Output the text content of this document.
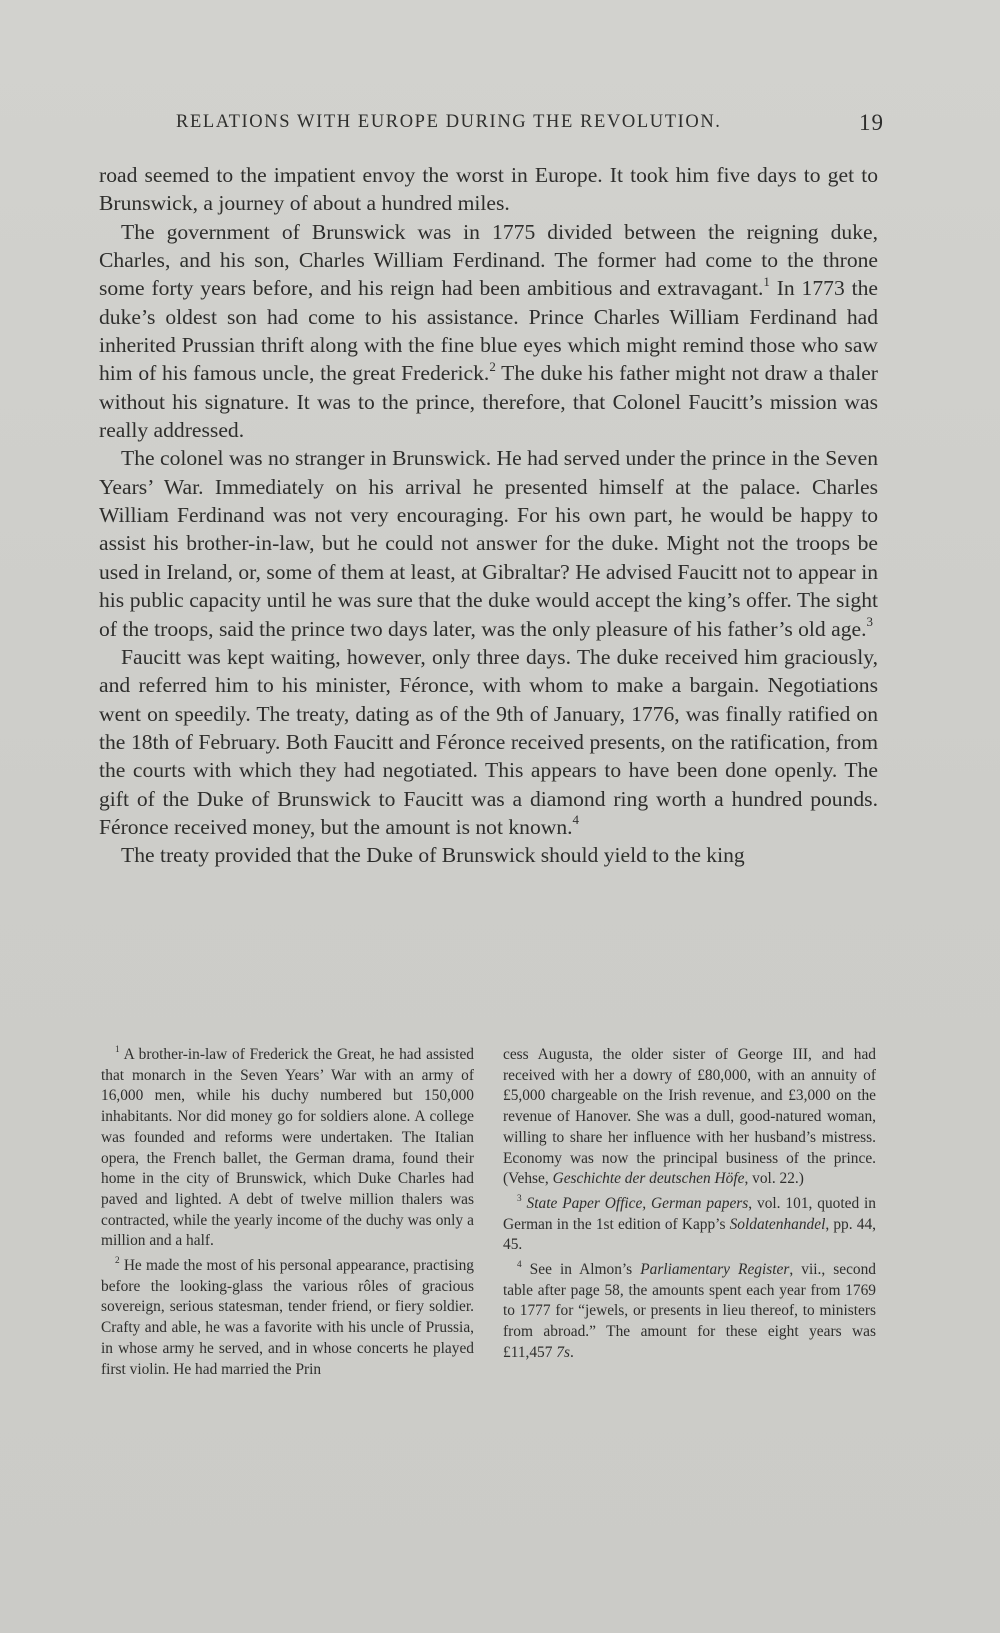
RELATIONS WITH EUROPE DURING THE REVOLUTION.	19

road seemed to the impatient envoy the worst in Europe. It took him five days to get to Brunswick, a journey of about a hundred miles.

The government of Brunswick was in 1775 divided between the reigning duke, Charles, and his son, Charles William Ferdinand. The former had come to the throne some forty years before, and his reign had been ambitious and extravagant.$^1$ In 1773 the duke’s oldest son had come to his assistance. Prince Charles William Ferdinand had inherited Prussian thrift along with the fine blue eyes which might remind those who saw him of his famous uncle, the great Frederick.$^2$ The duke his father might not draw a thaler without his signature. It was to the prince, therefore, that Colonel Faucitt’s mission was really addressed.

The colonel was no stranger in Brunswick. He had served under the prince in the Seven Years’ War. Immediately on his arrival he presented himself at the palace. Charles William Ferdinand was not very encouraging. For his own part, he would be happy to assist his brother-in-law, but he could not answer for the duke. Might not the troops be used in Ireland, or, some of them at least, at Gibraltar? He advised Faucitt not to appear in his public capacity until he was sure that the duke would accept the king’s offer. The sight of the troops, said the prince two days later, was the only pleasure of his father’s old age.$^3$

Faucitt was kept waiting, however, only three days. The duke received him graciously, and referred him to his minister, Féronce, with whom to make a bargain. Negotiations went on speedily. The treaty, dating as of the 9th of January, 1776, was finally ratified on the 18th of February. Both Faucitt and Féronce received presents, on the ratification, from the courts with which they had negotiated. This appears to have been done openly. The gift of the Duke of Brunswick to Faucitt was a diamond ring worth a hundred pounds. Féronce received money, but the amount is not known.$^4$

The treaty provided that the Duke of Brunswick should yield to the king

$^1$ A brother-in-law of Frederick the Great, he had assisted that monarch in the Seven Years’ War with an army of 16,000 men, while his duchy numbered but 150,000 inhabitants. Nor did money go for soldiers alone. A college was founded and reforms were undertaken. The Italian opera, the French ballet, the German drama, found their home in the city of Brunswick, which Duke Charles had paved and lighted. A debt of twelve million thalers was contracted, while the yearly income of the duchy was only a million and a half.

$^2$ He made the most of his personal appearance, practising before the looking-glass the various rôles of gracious sovereign, serious statesman, tender friend, or fiery soldier. Crafty and able, he was a favorite with his uncle of Prussia, in whose army he served, and in whose concerts he played first violin. He had married the Prin

cess Augusta, the older sister of George III, and had received with her a dowry of £80,000, with an annuity of £5,000 chargeable on the Irish revenue, and £3,000 on the revenue of Hanover. She was a dull, good-natured woman, willing to share her influence with her husband’s mistress. Economy was now the principal business of the prince. (Vehse, Geschichte der deutschen Höfe, vol. 22.)

$^3$ State Paper Office, German papers, vol. 101, quoted in German in the 1st edition of Kapp’s Soldatenhandel, pp. 44, 45.

$^4$ See in Almon’s Parliamentary Register, vii., second table after page 58, the amounts spent each year from 1769 to 1777 for “jewels, or presents in lieu thereof, to ministers from abroad.” The amount for these eight years was £11,457 7s.
